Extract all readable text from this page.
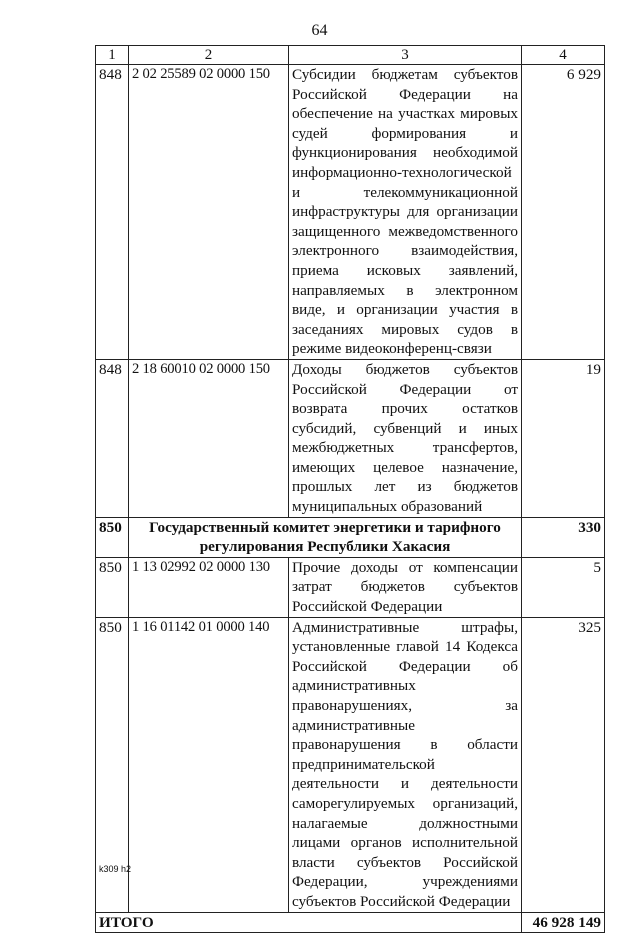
64
1	2	3	4
848	2 02 25589 02 0000 150	Субсидии бюджетам субъектов Российской Федерации на обеспечение на участках мировых судей формирования и функционирования необходимой информационно-технологической и телекоммуникационной инфраструктуры для организации защищенного межведомственного электронного взаимодействия, приема исковых заявлений, направляемых в электронном виде, и организации участия в заседаниях мировых судов в режиме видеоконференц-связи	6 929
848	2 18 60010 02 0000 150	Доходы бюджетов субъектов Российской Федерации от возврата прочих остатков субсидий, субвенций и иных межбюджетных трансфертов, имеющих целевое назначение, прошлых лет из бюджетов муниципальных образований	19
850	Государственный комитет энергетики и тарифного регулирования Республики Хакасия		330
850	1 13 02992 02 0000 130	Прочие доходы от компенсации затрат бюджетов субъектов Российской Федерации	5
850	1 16 01142 01 0000 140	Административные штрафы, установленные главой 14 Кодекса Российской Федерации об административных правонарушениях, за административные правонарушения в области предпринимательской деятельности и деятельности саморегулируемых организаций, налагаемые должностными лицами органов исполнительной власти субъектов Российской Федерации, учреждениями субъектов Российской Федерации	325
ИТОГО			46 928 149
k309 h2
